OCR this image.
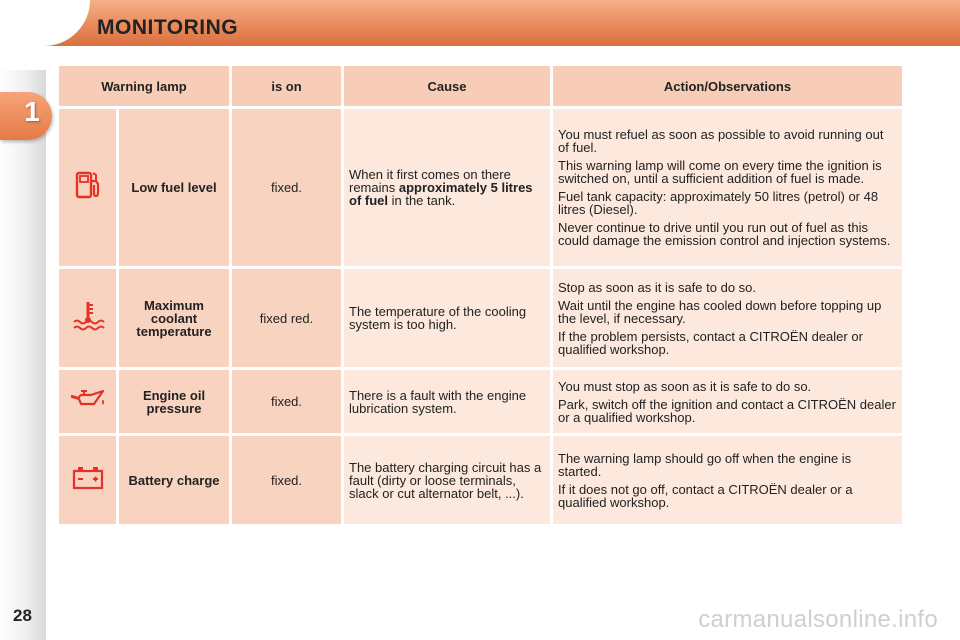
MONITORING
1
Warning lamp		is on	Cause	Action/Observations
	Low fuel level	fixed.	When it first comes on there remains approximately 5 litres of fuel in the tank.	You must refuel as soon as possible to avoid running out of fuel.

This warning lamp will come on every time the ignition is switched on, until a sufficient addition of fuel is made.

Fuel tank capacity: approximately 50 litres (petrol) or 48 litres (Diesel).

Never continue to drive until you run out of fuel as this could damage the emission control and injection systems.

	Maximum coolant temperature	fixed red.	The temperature of the cooling system is too high.	Stop as soon as it is safe to do so.

Wait until the engine has cooled down before topping up the level, if necessary.

If the problem persists, contact a CITROËN dealer or qualified workshop.

	Engine oil pressure	fixed.	There is a fault with the engine lubrication system.	You must stop as soon as it is safe to do so.

Park, switch off the ignition and contact a CITROËN dealer or a qualified workshop.

	Battery charge	fixed.	The battery charging circuit has a fault (dirty or loose terminals, slack or cut alternator belt, ...).	The warning lamp should go off when the engine is started.

If it does not go off, contact a CITROËN dealer or a qualified workshop.

28	carmanualsonline.info
